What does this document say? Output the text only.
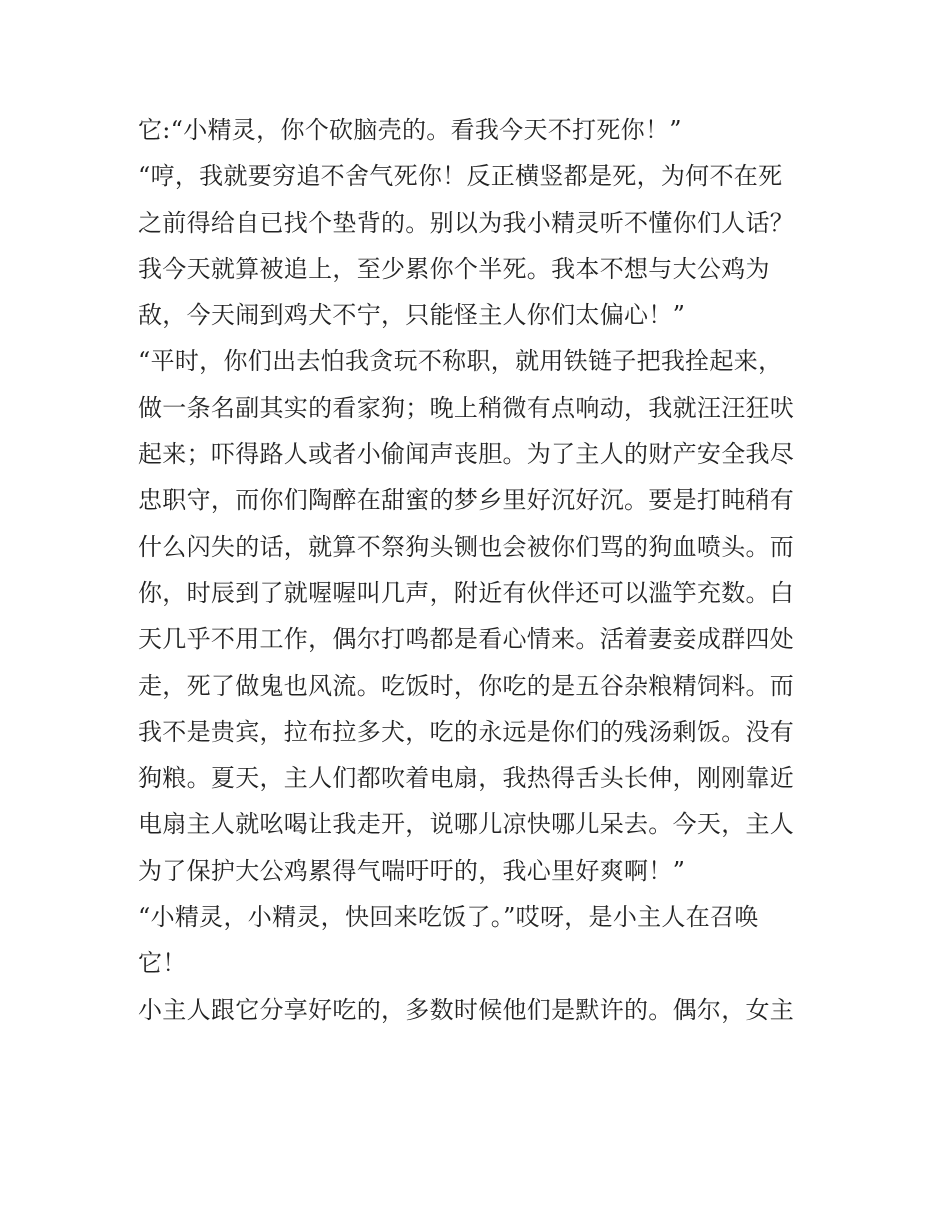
它:“小精灵，你个砍脑壳的。看我今天不打死你！”
“哼，我就要穷追不舍气死你！反正横竖都是死，为何不在死
之前得给自已找个垫背的。别以为我小精灵听不懂你们人话？
我今天就算被追上，至少累你个半死。我本不想与大公鸡为
敌，今天闹到鸡犬不宁，只能怪主人你们太偏心！”
“平时，你们出去怕我贪玩不称职，就用铁链子把我拴起来，
做一条名副其实的看家狗；晚上稍微有点响动，我就汪汪狂吠
起来；吓得路人或者小偷闻声丧胆。为了主人的财产安全我尽
忠职守，而你们陶醉在甜蜜的梦乡里好沉好沉。要是打盹稍有
什么闪失的话，就算不祭狗头铡也会被你们骂的狗血喷头。而
你，时辰到了就喔喔叫几声，附近有伙伴还可以滥竽充数。白
天几乎不用工作，偶尔打鸣都是看心情来。活着妻妾成群四处
走，死了做鬼也风流。吃饭时，你吃的是五谷杂粮精饲料。而
我不是贵宾，拉布拉多犬，吃的永远是你们的残汤剩饭。没有
狗粮。夏天，主人们都吹着电扇，我热得舌头长伸，刚刚靠近
电扇主人就吆喝让我走开，说哪儿凉快哪儿呆去。今天，主人
为了保护大公鸡累得气喘吁吁的，我心里好爽啊！”
“小精灵，小精灵，快回来吃饭了。”哎呀，是小主人在召唤
它！
小主人跟它分享好吃的，多数时候他们是默许的。偶尔，女主
